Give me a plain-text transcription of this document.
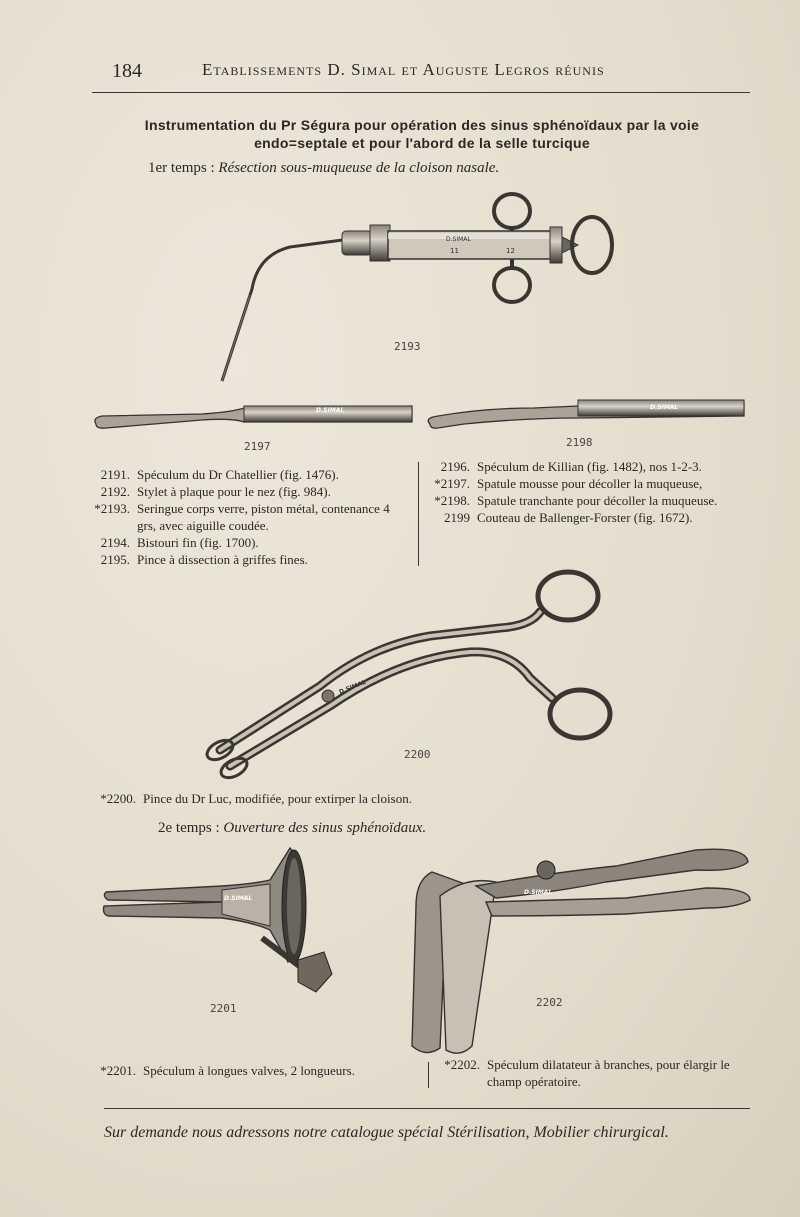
184	Etablissements D. Simal et Auguste Legros réunis
Instrumentation du Pr Ségura pour opération des sinus sphénoïdaux par la voie
endo=septale et pour l'abord de la selle turcique
1er temps : Résection sous-muqueuse de la cloison nasale.
D.SIMAL
11	12
2193
D.SIMAL
2197
D.SIMAL
2198
2191. Spéculum du Dr Chatellier (fig. 1476).
2192. Stylet à plaque pour le nez (fig. 984).
*2193. Seringue corps verre, piston métal, contenance 4 grs, avec aiguille coudée.
2194. Bistouri fin (fig. 1700).
2195. Pince à dissection à griffes fines.
2196. Spéculum de Killian (fig. 1482), nos 1-2-3.
*2197. Spatule mousse pour décoller la muqueuse,
*2198. Spatule tranchante pour décoller la muqueuse.
2199 Couteau de Ballenger-Forster (fig. 1672).
D.SIMAL
2200
*2200. Pince du Dr Luc, modifiée, pour extirper la cloison.
2e temps : Ouverture des sinus sphénoïdaux.
D.SIMAL
2201
D.SIMAL
2202
*2201. Spéculum à longues valves, 2 longueurs.	*2202. Spéculum dilatateur à branches, pour élargir le champ opératoire.
Sur demande nous adressons notre catalogue spécial Stérilisation, Mobilier chirurgical.
